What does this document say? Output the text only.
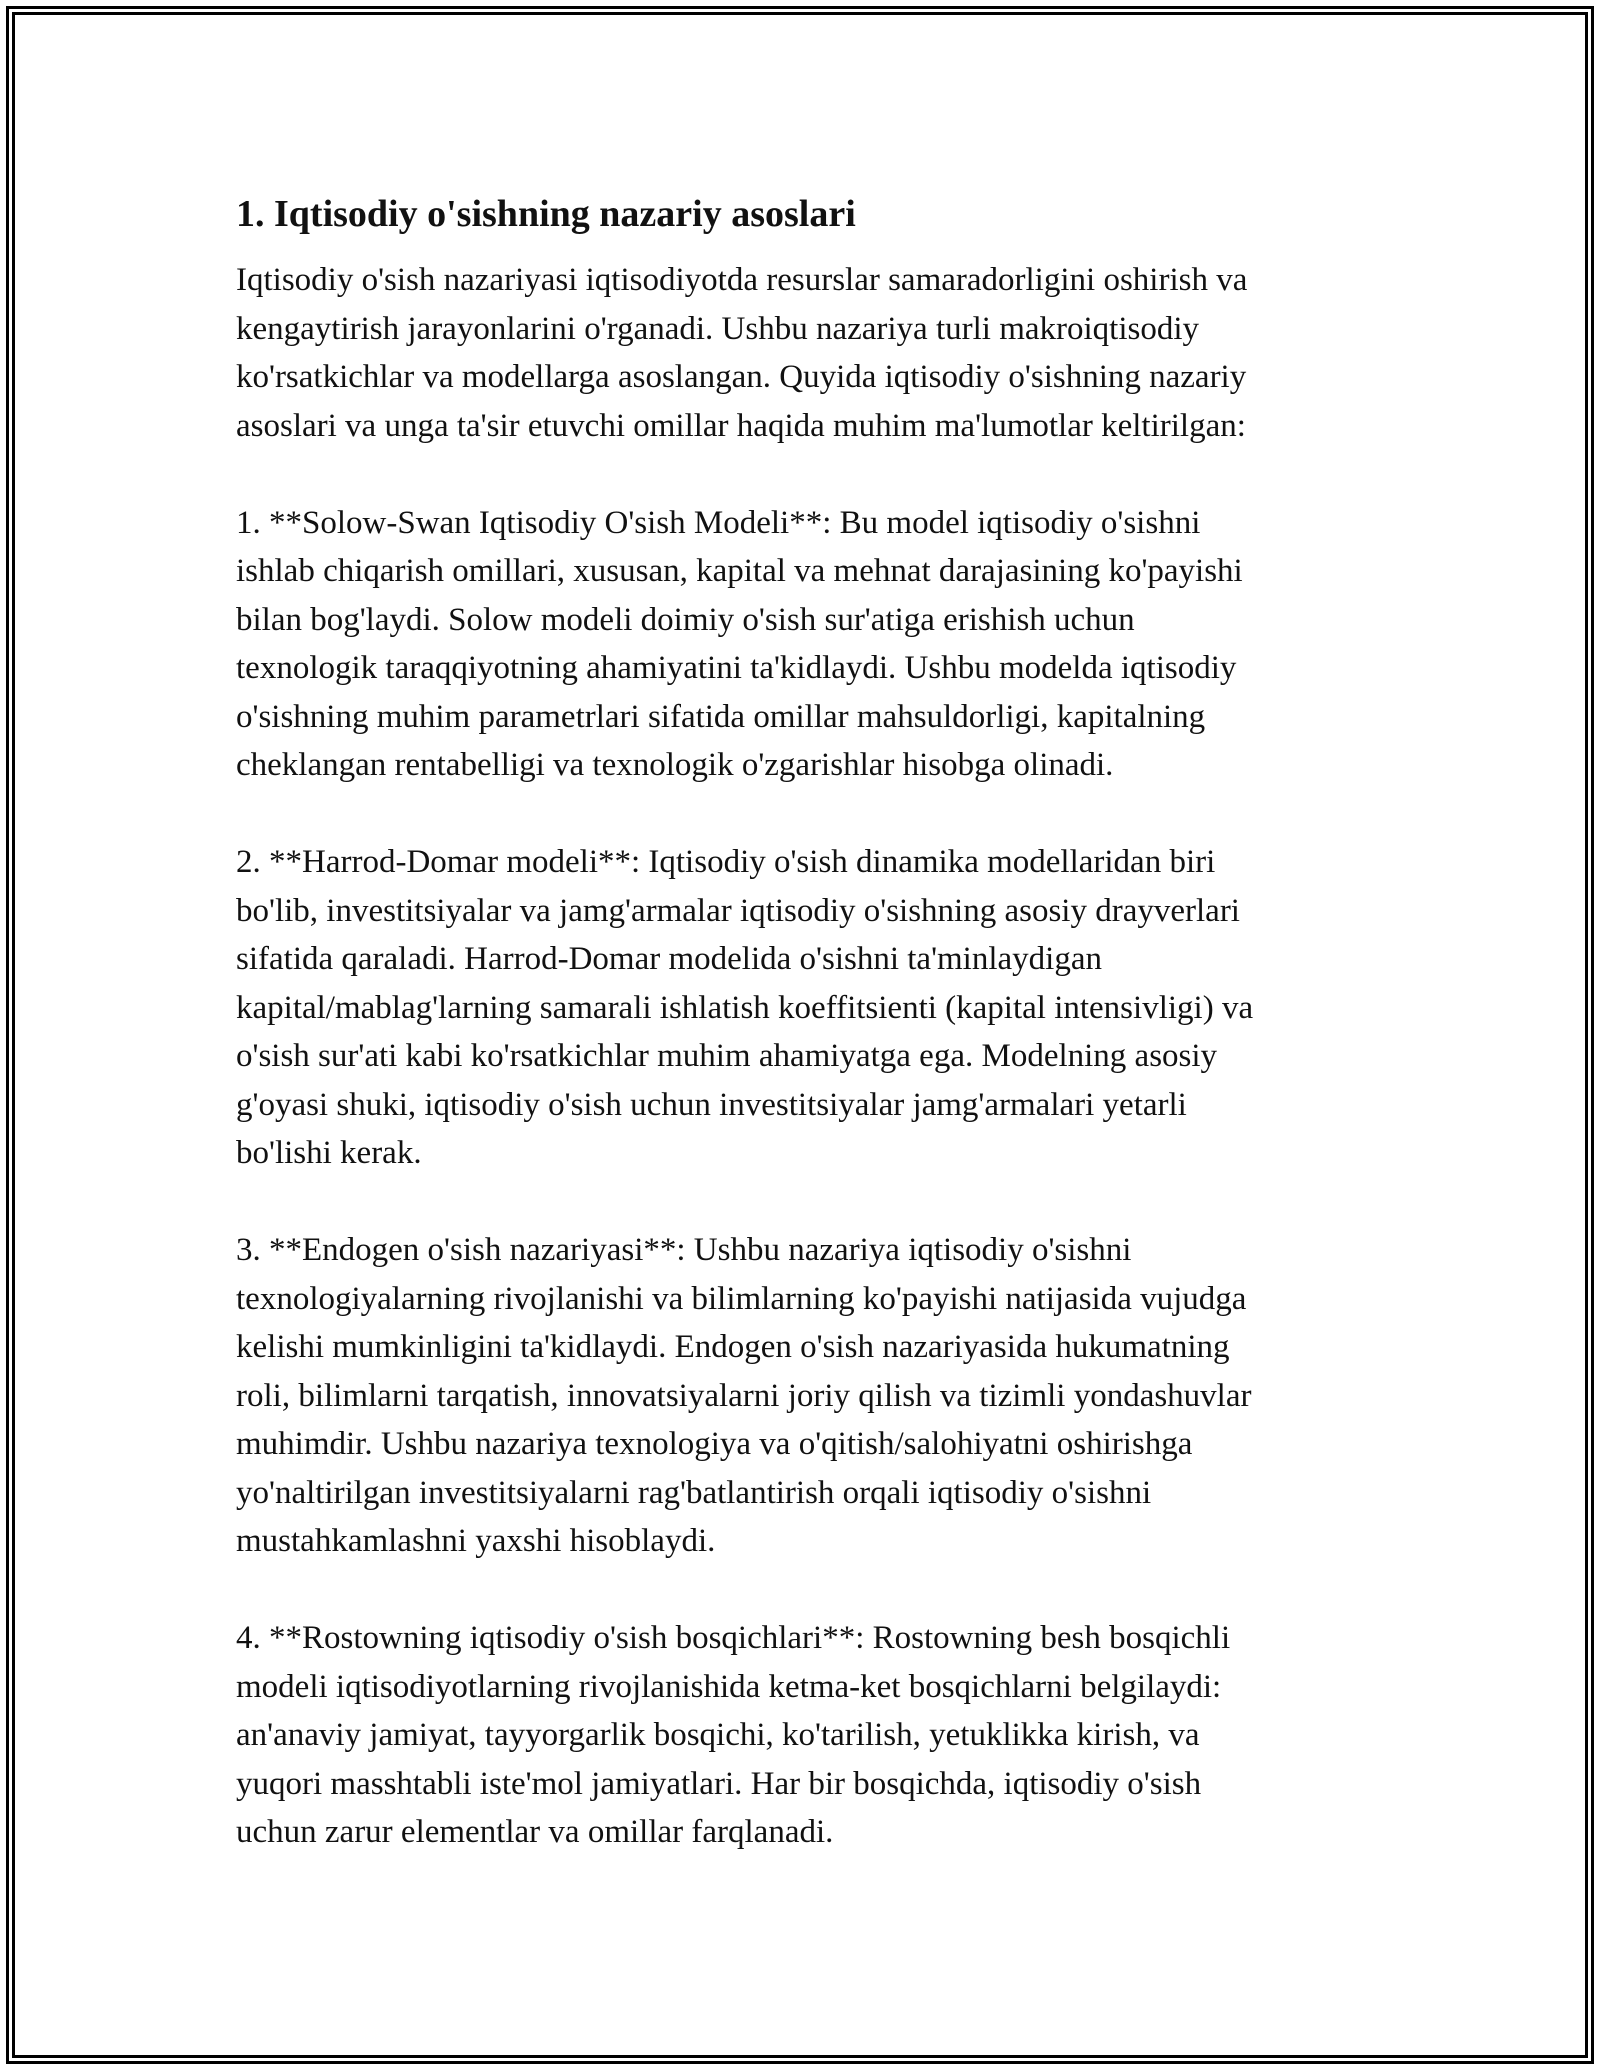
1. Iqtisodiy o'sishning nazariy asoslari

Iqtisodiy o'sish nazariyasi iqtisodiyotda resurslar samaradorligini oshirish va
kengaytirish jarayonlarini o'rganadi. Ushbu nazariya turli makroiqtisodiy
ko'rsatkichlar va modellarga asoslangan. Quyida iqtisodiy o'sishning nazariy
asoslari va unga ta'sir etuvchi omillar haqida muhim ma'lumotlar keltirilgan:

1. **Solow-Swan Iqtisodiy O'sish Modeli**: Bu model iqtisodiy o'sishni
ishlab chiqarish omillari, xususan, kapital va mehnat darajasining ko'payishi
bilan bog'laydi. Solow modeli doimiy o'sish sur'atiga erishish uchun
texnologik taraqqiyotning ahamiyatini ta'kidlaydi. Ushbu modelda iqtisodiy
o'sishning muhim parametrlari sifatida omillar mahsuldorligi, kapitalning
cheklangan rentabelligi va texnologik o'zgarishlar hisobga olinadi.

2. **Harrod-Domar modeli**: Iqtisodiy o'sish dinamika modellaridan biri
bo'lib, investitsiyalar va jamg'armalar iqtisodiy o'sishning asosiy drayverlari
sifatida qaraladi. Harrod-Domar modelida o'sishni ta'minlaydigan
kapital/mablag'larning samarali ishlatish koeffitsienti (kapital intensivligi) va
o'sish sur'ati kabi ko'rsatkichlar muhim ahamiyatga ega. Modelning asosiy
g'oyasi shuki, iqtisodiy o'sish uchun investitsiyalar jamg'armalari yetarli
bo'lishi kerak.

3. **Endogen o'sish nazariyasi**: Ushbu nazariya iqtisodiy o'sishni
texnologiyalarning rivojlanishi va bilimlarning ko'payishi natijasida vujudga
kelishi mumkinligini ta'kidlaydi. Endogen o'sish nazariyasida hukumatning
roli, bilimlarni tarqatish, innovatsiyalarni joriy qilish va tizimli yondashuvlar
muhimdir. Ushbu nazariya texnologiya va o'qitish/salohiyatni oshirishga
yo'naltirilgan investitsiyalarni rag'batlantirish orqali iqtisodiy o'sishni
mustahkamlashni yaxshi hisoblaydi.

4. **Rostowning iqtisodiy o'sish bosqichlari**: Rostowning besh bosqichli
modeli iqtisodiyotlarning rivojlanishida ketma-ket bosqichlarni belgilaydi:
an'anaviy jamiyat, tayyorgarlik bosqichi, ko'tarilish, yetuklikka kirish, va
yuqori masshtabli iste'mol jamiyatlari. Har bir bosqichda, iqtisodiy o'sish
uchun zarur elementlar va omillar farqlanadi.
